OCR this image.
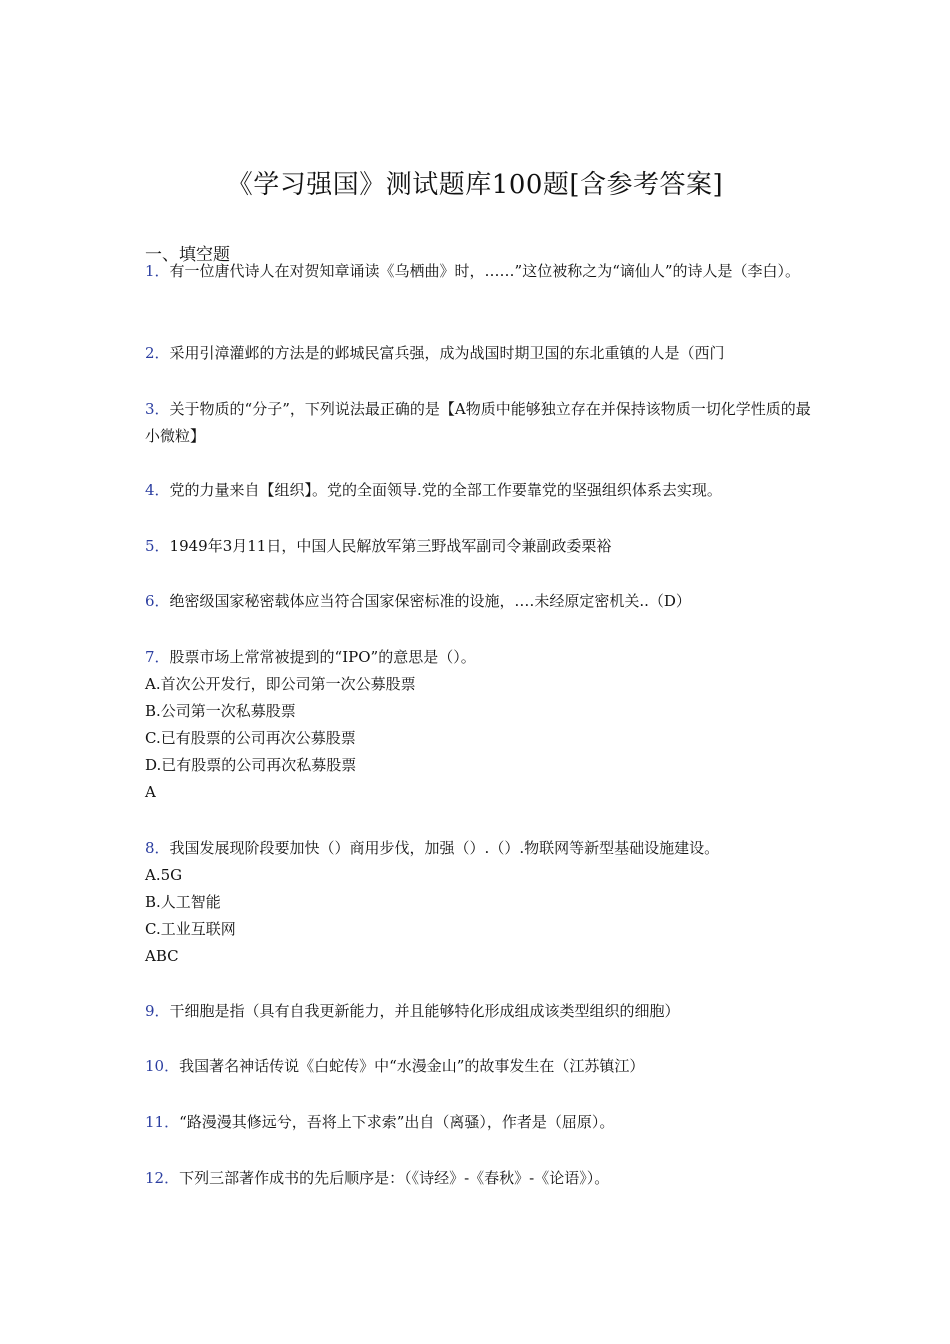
《学习强国》测试题库100题[含参考答案]
一、填空题
1．有一位唐代诗人在对贺知章诵读《乌栖曲》时，……”这位被称之为“谪仙人”的诗人是（李白）。
2．采用引漳灌邺的方法是的邺城民富兵强，成为战国时期卫国的东北重镇的人是（西门
3．关于物质的“分子”，下列说法最正确的是【A物质中能够独立存在并保持该物质一切化学性质的最小微粒】
4．党的力量来自【组织】。党的全面领导.党的全部工作要靠党的坚强组织体系去实现。
5．1949年3月11日，中国人民解放军第三野战军副司令兼副政委栗裕
6．绝密级国家秘密载体应当符合国家保密标准的设施，.…未经原定密机关..（D）
7．股票市场上常常被提到的“IPO”的意思是（）。
A.首次公开发行，即公司第一次公募股票
B.公司第一次私募股票
C.已有股票的公司再次公募股票
D.已有股票的公司再次私募股票
A
8．我国发展现阶段要加快（）商用步伐，加强（）.（）.物联网等新型基础设施建设。
A.5G
B.人工智能
C.工业互联网
ABC
9．干细胞是指（具有自我更新能力，并且能够特化形成组成该类型组织的细胞）
10．我国著名神话传说《白蛇传》中“水漫金山”的故事发生在（江苏镇江）
11．“路漫漫其修远兮，吾将上下求索”出自（离骚），作者是（屈原）。
12．下列三部著作成书的先后顺序是：（《诗经》-《春秋》-《论语》）。
